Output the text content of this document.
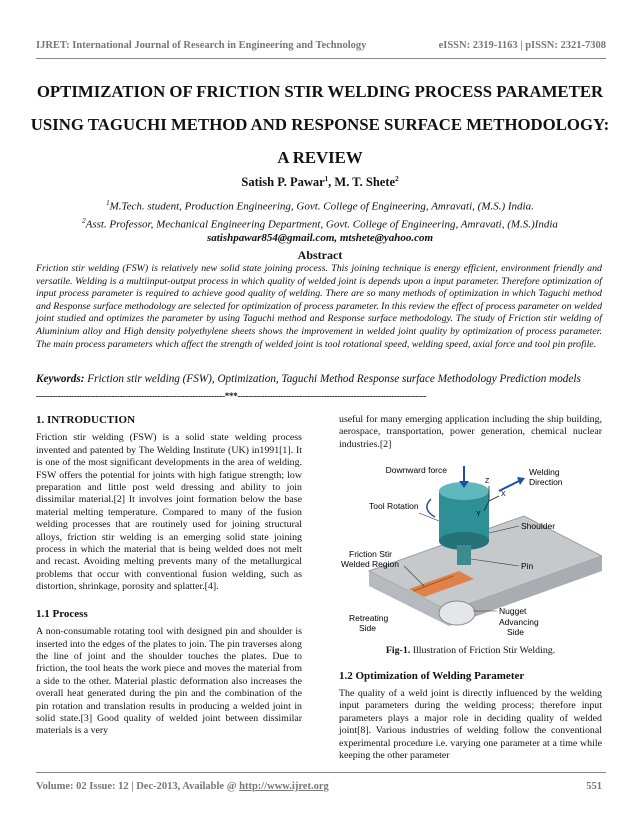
IJRET: International Journal of Research in Engineering and Technology	eISSN: 2319-1163 | pISSN: 2321-7308
OPTIMIZATION OF FRICTION STIR WELDING PROCESS PARAMETER USING TAGUCHI METHOD AND RESPONSE SURFACE METHODOLOGY: A REVIEW
Satish P. Pawar$^1$, M. T. Shete$^2$
$^1$M.Tech. student, Production Engineering, Govt. College of Engineering, Amravati, (M.S.) India.
$^2$Asst. Professor, Mechanical Engineering Department, Govt. College of Engineering, Amravati, (M.S.)India
satishpawar854@gmail.com, mtshete@yahoo.com
Abstract
Friction stir welding (FSW) is relatively new solid state joining process. This joining technique is energy efficient, environment friendly and versatile. Welding is a multiinput-output process in which quality of welded joint is depends upon a input parameter. Therefore optimization of input process parameter is required to achieve good quality of welding. There are so many methods of optimization in which Taguchi method and Response surface methodology are selected for optimization of process parameter. In this review the effect of process parameter on welded joint studied and optimizes the parameter by using Taguchi method and Response surface methodology. The study of Friction stir welding of Aluminium alloy and High density polyethylene sheets shows the improvement in welded joint quality by optimization of process parameter. The main process parameters which affect the strength of welded joint is tool rotational speed, welding speed, axial force and tool pin profile.
Keywords: Friction stir welding (FSW), Optimization, Taguchi Method Response surface Methodology Prediction models
----------------------------------------------------------------------***----------------------------------------------------------------------
1. INTRODUCTION

Friction stir welding (FSW) is a solid state welding process invented and patented by The Welding Institute (UK) in1991[1]. It is one of the most significant developments in the area of welding. FSW offers the potential for joints with high fatigue strength; low preparation and little post weld dressing and ability to join dissimilar material.[2] It involves joint formation below the base material melting temperature. Compared to many of the fusion welding processes that are routinely used for joining structural alloys, friction stir welding is an emerging solid state joining process in which the material that is being welded does not melt and recast. Avoiding melting prevents many of the metallurgical problems that occur with conventional fusion welding, such as distortion, shrinkage, porosity and splatter.[4].

1.1 Process

A non-consumable rotating tool with designed pin and shoulder is inserted into the edges of the plates to join. The pin traverses along the line of joint and the shoulder touches the plates. Due to friction, the tool heats the work piece and moves the material from a side to the other. Material plastic deformation also increases the overall heat generated during the pin and the combination of the pin rotation and translation results in producing a welded joint in solid state.[3] Good quality of welded joint between dissimilar materials is a very

useful for many emerging application including the ship building, aerospace, transportation, power generation, chemical nuclear industries.[2]

Downward force	Welding
Direction
Tool Rotation
Shoulder
Friction Stir
Welded Region	Pin
Nugget
Retreating
Side
Advancing
Side
Z
X
Y
Fig-1. Illustration of Friction Stir Welding.
1.2 Optimization of Welding Parameter

The quality of a weld joint is directly influenced by the welding input parameters during the welding process; therefore input parameters plays a major role in deciding quality of welded joint[8]. Various industries of welding follow the conventional experimental procedure i.e. varying one parameter at a time while keeping the other parameter

Volume: 02 Issue: 12 | Dec-2013, Available @ http://www.ijret.org	551
